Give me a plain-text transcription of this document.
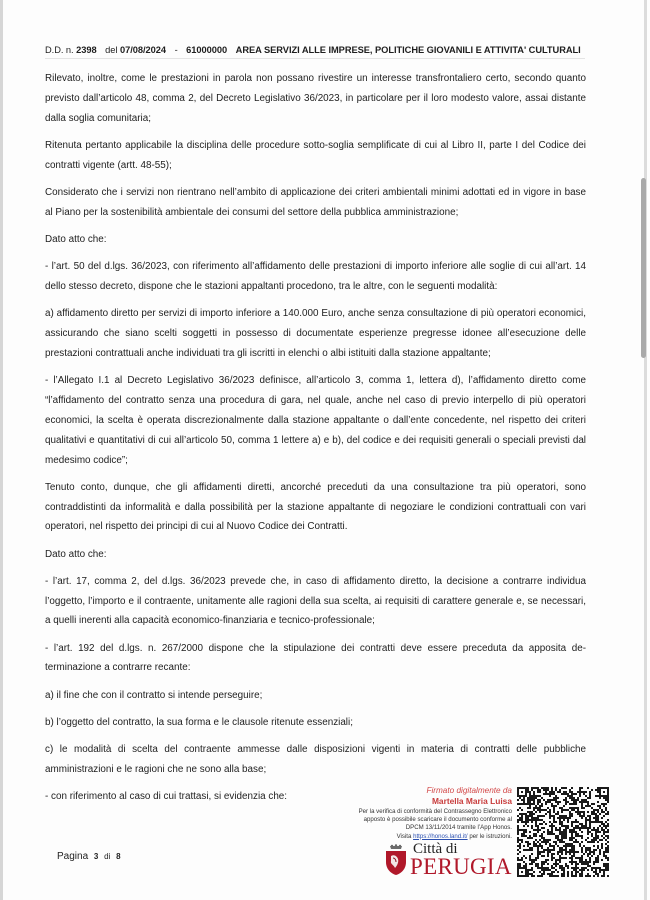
D.D. n. 2398 del 07/08/2024 - 61000000 AREA SERVIZI ALLE IMPRESE, POLITICHE GIOVANILI E ATTIVITA' CULTURALI

Rilevato, inoltre, come le prestazioni in parola non possano rivestire un interesse transfrontaliero certo, secondo quanto previsto dall’articolo 48, comma 2, del Decreto Legislativo 36/2023, in particolare per il loro modesto valore, assai distante dalla soglia comunitaria;

Ritenuta pertanto applicabile la disciplina delle procedure sotto-soglia semplificate di cui al Libro II, parte I del Codice dei contratti vigente (artt. 48-55);

Considerato che i servizi non rientrano nell’ambito di applicazione dei criteri ambientali minimi adottati ed in vigore in base al Piano per la sostenibilità ambientale dei consumi del settore della pubblica amministrazione;

Dato atto che:

- l’art. 50 del d.lgs. 36/2023, con riferimento all’affidamento delle prestazioni di importo inferiore alle soglie di cui all’art. 14 dello stesso decreto, dispone che le stazioni appaltanti procedono, tra le altre, con le seguenti modalità:

a) affidamento diretto per servizi di importo inferiore a 140.000 Euro, anche senza consultazione di più operatori economici, assicurando che siano scelti soggetti in possesso di documentate esperienze pregresse idonee all’esecuzione delle prestazioni contrattuali anche individuati tra gli iscritti in elenchi o albi istituiti dalla stazione appaltante;

- l’Allegato I.1 al Decreto Legislativo 36/2023 definisce, all’articolo 3, comma 1, lettera d), l’affidamento diretto come “l’affidamento del contratto senza una procedura di gara, nel quale, anche nel caso di previo interpello di più operatori economici, la scelta è operata discrezionalmente dalla stazione appaltante o dall’ente concedente, nel rispetto dei criteri qualitativi e quantitativi di cui all’articolo 50, comma 1 lettere a) e b), del codice e dei requisiti generali o speciali previsti dal medesimo codice”;

Tenuto conto, dunque, che gli affidamenti diretti, ancorché preceduti da una consultazione tra più operatori, sono contraddistinti da informalità e dalla possibilità per la stazione appaltante di negoziare le condizioni contrattuali con vari operatori, nel rispetto dei principi di cui al Nuovo Codice dei Contratti.

Dato atto che:

- l’art. 17, comma 2, del d.lgs. 36/2023 prevede che, in caso di affidamento diretto, la decisione a contrarre individua l’oggetto, l’importo e il contraente, unitamente alle ragioni della sua scelta, ai requisiti di carattere generale e, se necessari, a quelli inerenti alla capacità economico-finanziaria e tecnico-professionale;

- l’art. 192 del d.lgs. n. 267/2000 dispone che la stipulazione dei contratti deve essere preceduta da apposita determinazione a contrarre recante:

a) il fine che con il contratto si intende perseguire;

b) l’oggetto del contratto, la sua forma e le clausole ritenute essenziali;

c) le modalità di scelta del contraente ammesse dalle disposizioni vigenti in materia di contratti delle pubbliche amministrazioni e le ragioni che ne sono alla base;

- con riferimento al caso di cui trattasi, si evidenzia che:

Firmato digitalmente da
Martella Maria Luisa
Per la verifica di conformità del Contrassegno Elettronico
apposto è possibile scaricare il documento conforme al
DPCM 13/11/2014 tramite l’App Honos.
Visita https://honos.land.it/ per le istruzioni.
Città di
PERUGIA
Pagina 3 di 8
